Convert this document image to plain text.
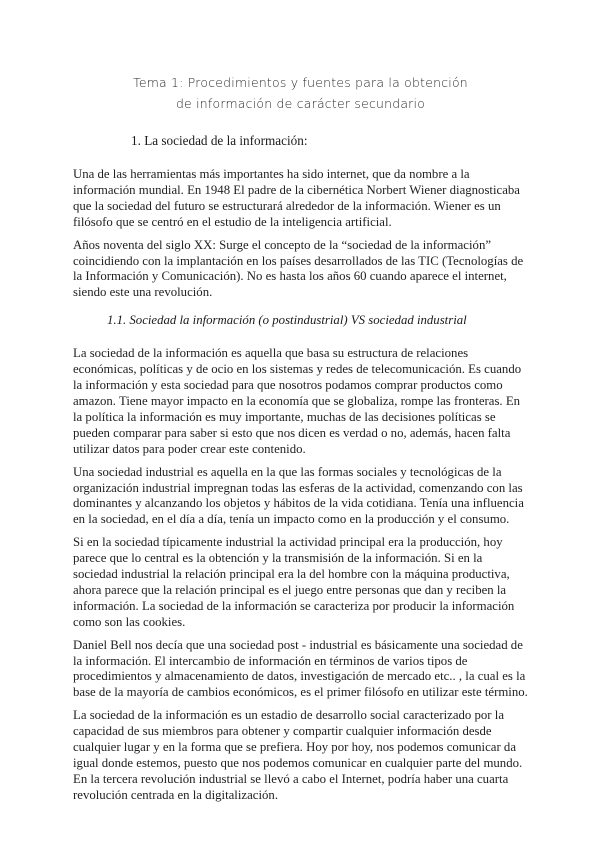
Tema 1: Procedimientos y fuentes para la obtención
de información de carácter secundario
1. La sociedad de la información:

Una de las herramientas más importantes ha sido internet, que da nombre a la información mundial. En 1948 El padre de la cibernética Norbert Wiener diagnosticaba que la sociedad del futuro se estructurará alrededor de la información. Wiener es un filósofo que se centró en el estudio de la inteligencia artificial.

Años noventa del siglo XX: Surge el concepto de la “sociedad de la información” coincidiendo con la implantación en los países desarrollados de las TIC (Tecnologías de la Información y Comunicación). No es hasta los años 60 cuando aparece el internet, siendo este una revolución.

1.1. Sociedad la información (o postindustrial) VS sociedad industrial

La sociedad de la información es aquella que basa su estructura de relaciones económicas, políticas y de ocio en los sistemas y redes de telecomunicación. Es cuando la información y esta sociedad para que nosotros podamos comprar productos como amazon. Tiene mayor impacto en la economía que se globaliza, rompe las fronteras. En la política la información es muy importante, muchas de las decisiones políticas se pueden comparar para saber si esto que nos dicen es verdad o no, además, hacen falta utilizar datos para poder crear este contenido.

Una sociedad industrial es aquella en la que las formas sociales y tecnológicas de la organización industrial impregnan todas las esferas de la actividad, comenzando con las dominantes y alcanzando los objetos y hábitos de la vida cotidiana. Tenía una influencia en la sociedad, en el día a día, tenía un impacto como en la producción y el consumo.

Si en la sociedad típicamente industrial la actividad principal era la producción, hoy parece que lo central es la obtención y la transmisión de la información. Si en la sociedad industrial la relación principal era la del hombre con la máquina productiva, ahora parece que la relación principal es el juego entre personas que dan y reciben la información. La sociedad de la información se caracteriza por producir la información como son las cookies.

Daniel Bell nos decía que una sociedad post - industrial es básicamente una sociedad de la información. El intercambio de información en términos de varios tipos de procedimientos y almacenamiento de datos, investigación de mercado etc.. , la cual es la base de la mayoría de cambios económicos, es el primer filósofo en utilizar este término.

La sociedad de la información es un estadio de desarrollo social caracterizado por la capacidad de sus miembros para obtener y compartir cualquier información desde cualquier lugar y en la forma que se prefiera. Hoy por hoy, nos podemos comunicar da igual donde estemos, puesto que nos podemos comunicar en cualquier parte del mundo. En la tercera revolución industrial se llevó a cabo el Internet, podría haber una cuarta revolución centrada en la digitalización.
